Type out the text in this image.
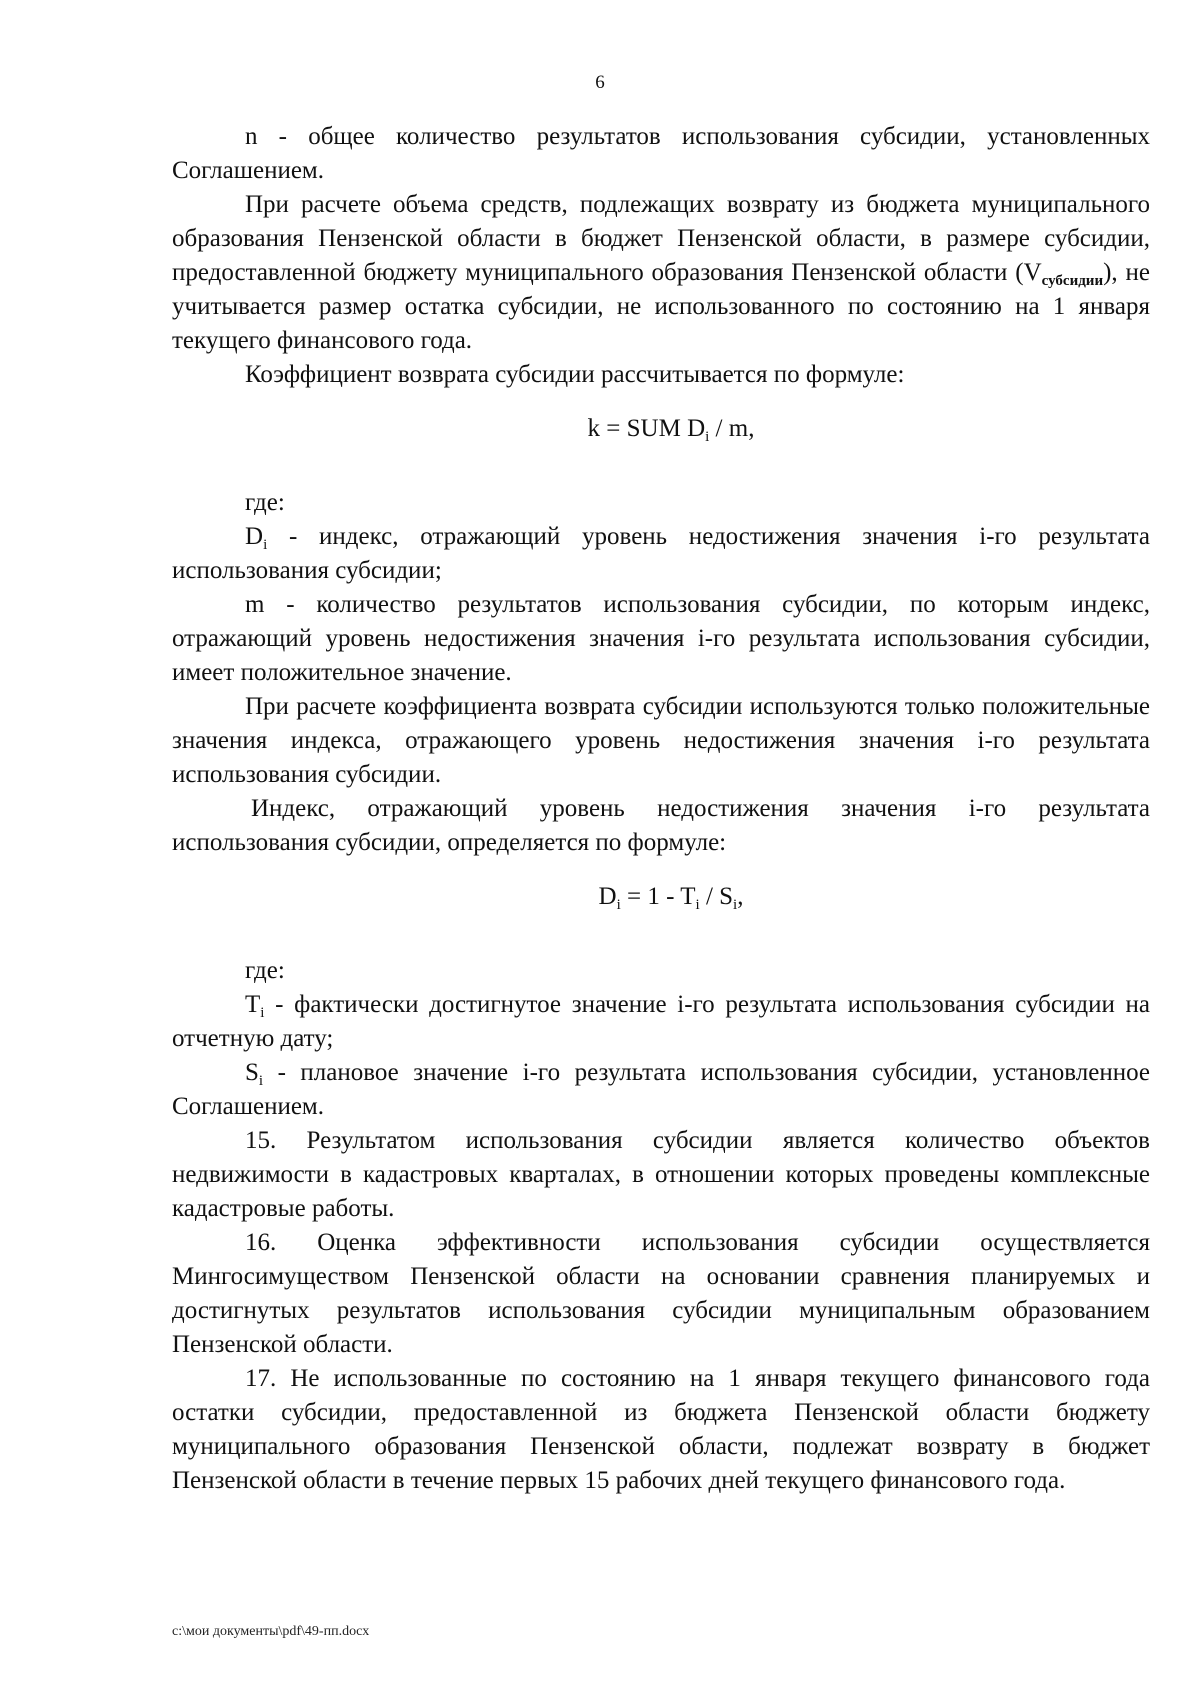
6

n - общее количество результатов использования субсидии, установленных Соглашением.

При расчете объема средств, подлежащих возврату из бюджета муниципального образования Пензенской области в бюджет Пензенской области, в размере субсидии, предоставленной бюджету муниципального образования Пензенской области $(V_{субсидии})$, не учитывается размер остатка субсидии, не использованного по состоянию на 1 января текущего финансового года.

Коэффициент возврата субсидии рассчитывается по формуле:

k = SUM $D_i$ / m,

где:

$D_i$ - индекс, отражающий уровень недостижения значения i-го результата использования субсидии;

m - количество результатов использования субсидии, по которым индекс, отражающий уровень недостижения значения i-го результата использования субсидии, имеет положительное значение.

При расчете коэффициента возврата субсидии используются только положительные значения индекса, отражающего уровень недостижения значения i-го результата использования субсидии.

Индекс, отражающий уровень недостижения значения i-го результата использования субсидии, определяется по формуле:

$D_i = 1 - T_i / S_i$,

где:

$T_i$ - фактически достигнутое значение i-го результата использования субсидии на отчетную дату;

$S_i$ - плановое значение i-го результата использования субсидии, установленное Соглашением.

15. Результатом использования субсидии является количество объектов недвижимости в кадастровых кварталах, в отношении которых проведены комплексные кадастровые работы.

16. Оценка эффективности использования субсидии осуществляется Мингосимуществом Пензенской области на основании сравнения планируемых и достигнутых результатов использования субсидии муниципальным образованием Пензенской области.

17. Не использованные по состоянию на 1 января текущего финансового года остатки субсидии, предоставленной из бюджета Пензенской области бюджету муниципального образования Пензенской области, подлежат возврату в бюджет Пензенской области в течение первых 15 рабочих дней текущего финансового года.

c:\мои документы\pdf\49-пп.docx
